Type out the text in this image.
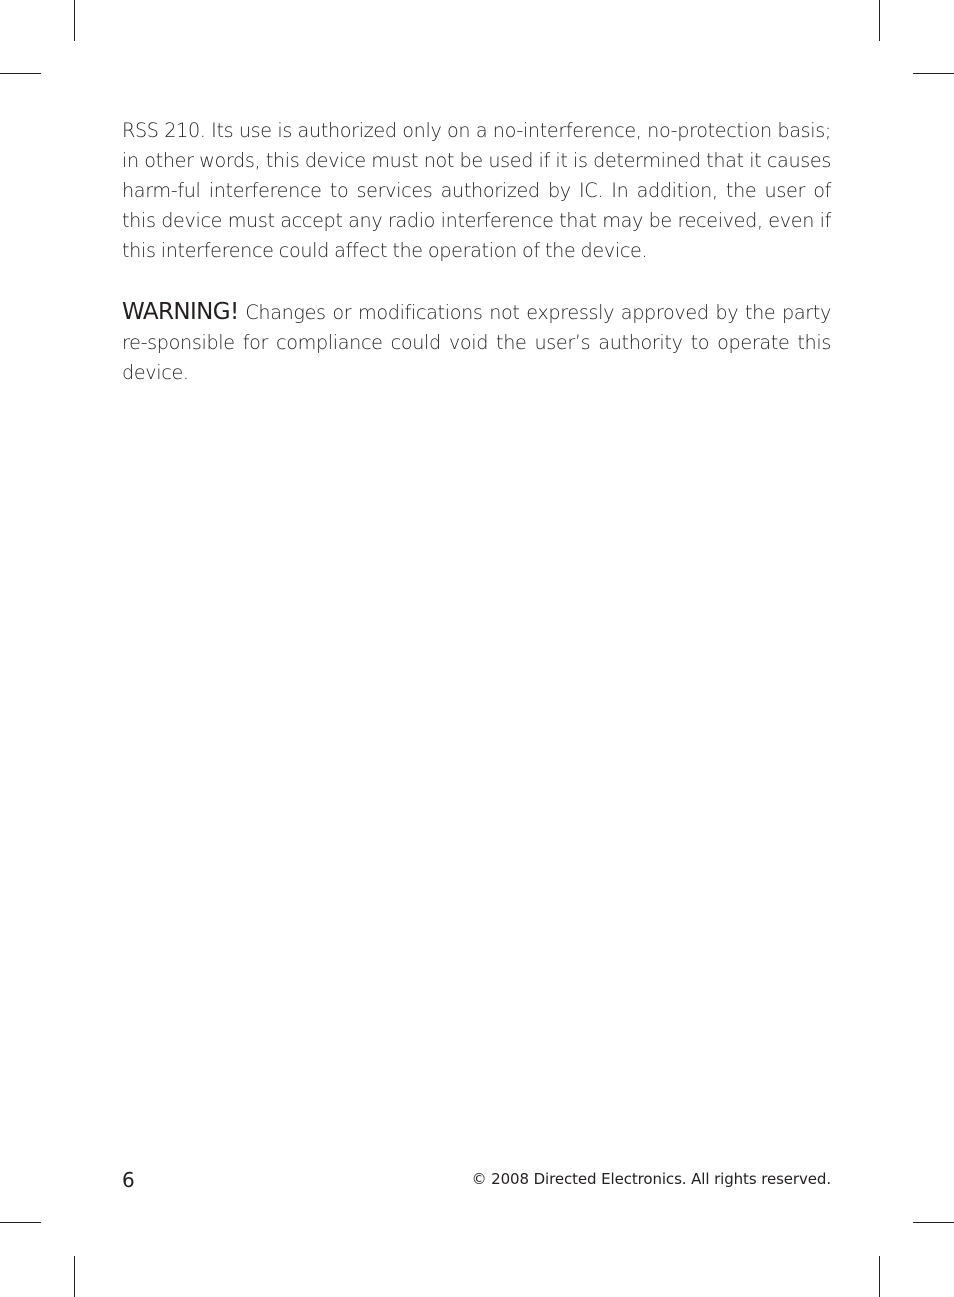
RSS 210. Its use is authorized only on a no-interference, no-protection basis; in other words, this device must not be used if it is determined that it causes harm-ful interference to services authorized by IC. In addition, the user of this device must accept any radio interference that may be received, even if this interference could affect the operation of the device.

WARNING! Changes or modifications not expressly approved by the party re-sponsible for compliance could void the user’s authority to operate this device.

6	© 2008 Directed Electronics. All rights reserved.
